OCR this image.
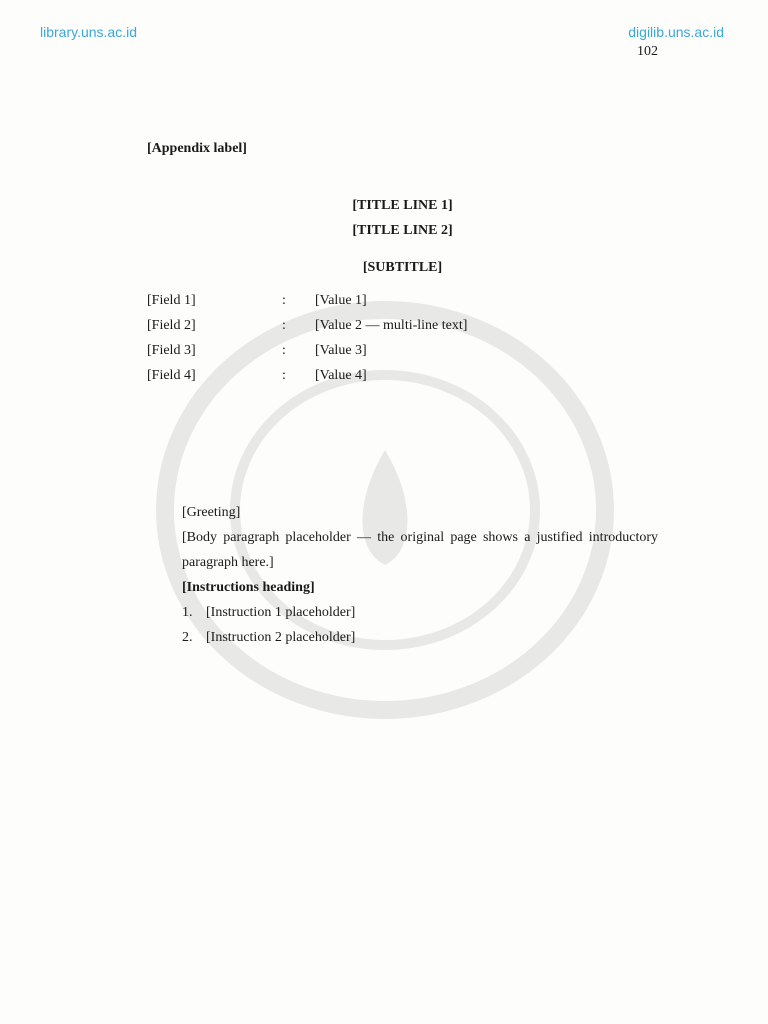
library.uns.ac.id	digilib.uns.ac.id
102
[Appendix label]
[TITLE LINE 1]
[TITLE LINE 2]
[SUBTITLE]
[Field 1]	:	[Value 1]
[Field 2]	:	[Value 2 — multi-line text]
[Field 3]	:	[Value 3]
[Field 4]	:	[Value 4]

[Greeting]

[Body paragraph placeholder — the original page shows a justified introductory paragraph here.]

[Instructions heading]

1. [Instruction 1 placeholder]
2. [Instruction 2 placeholder]
